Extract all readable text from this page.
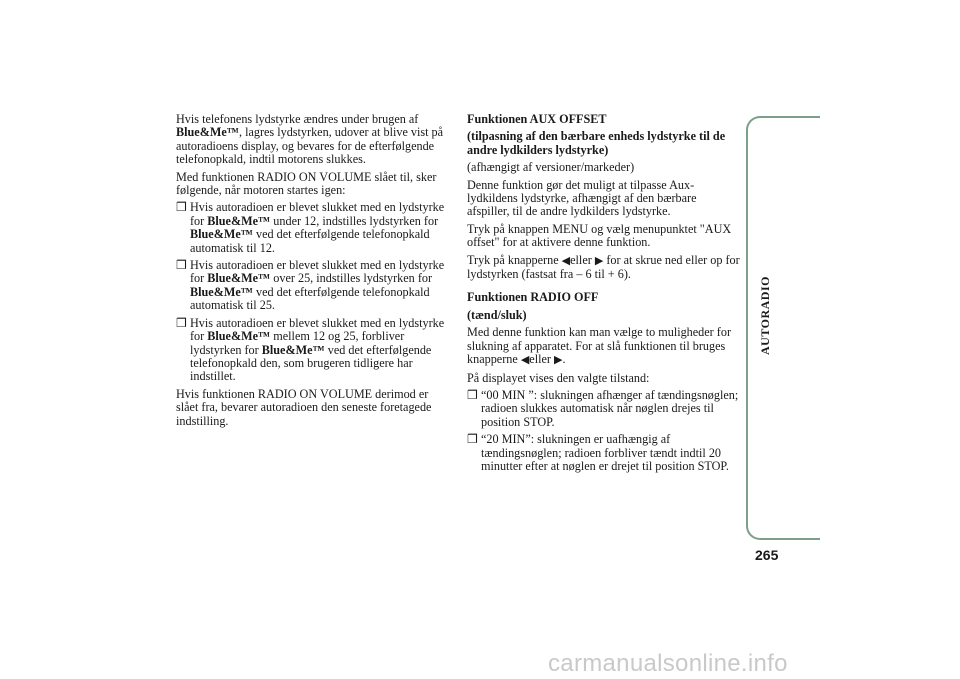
Hvis telefonens lydstyrke ændres under brugen af Blue&Me™, lagres lydstyrken, udover at blive vist på autoradioens display, og bevares for de efterfølgende telefonopkald, indtil motorens slukkes.

Med funktionen RADIO ON VOLUME slået til, sker følgende, når motoren startes igen:

❒ Hvis autoradioen er blevet slukket med en lydstyrke for Blue&Me™ under 12, indstilles lydstyrken for Blue&Me™ ved det efterfølgende telefonopkald automatisk til 12.
❒ Hvis autoradioen er blevet slukket med en lydstyrke for Blue&Me™ over 25, indstilles lydstyrken for Blue&Me™ ved det efterfølgende telefonopkald automatisk til 25.
❒ Hvis autoradioen er blevet slukket med en lydstyrke for Blue&Me™ mellem 12 og 25, forbliver lydstyrken for Blue&Me™ ved det efterfølgende telefonopkald den, som brugeren tidligere har indstillet.

Hvis funktionen RADIO ON VOLUME derimod er slået fra, bevarer autoradioen den seneste foretagede indstilling.

Funktionen AUX OFFSET

(tilpasning af den bærbare enheds lydstyrke til de andre lydkilders lydstyrke)

(afhængigt af versioner/markeder)

Denne funktion gør det muligt at tilpasse Aux-lydkildens lydstyrke, afhængigt af den bærbare afspiller, til de andre lydkilders lydstyrke.

Tryk på knappen MENU og vælg menupunktet "AUX offset" for at aktivere denne funktion.

Tryk på knapperne ◀eller ▶ for at skrue ned eller op for lydstyrken (fastsat fra – 6 til + 6).

Funktionen RADIO OFF

(tænd/sluk)

Med denne funktion kan man vælge to muligheder for slukning af apparatet. For at slå funktionen til bruges knapperne ◀eller ▶.

På displayet vises den valgte tilstand:

❒ “00 MIN ”: slukningen afhænger af tændingsnøglen; radioen slukkes automatisk når nøglen drejes til position STOP.
❒ “20 MIN”: slukningen er uafhængig af tændingsnøglen; radioen forbliver tændt indtil 20 minutter efter at nøglen er drejet til position STOP.
AUTORADIO
265
carmanualsonline.info
